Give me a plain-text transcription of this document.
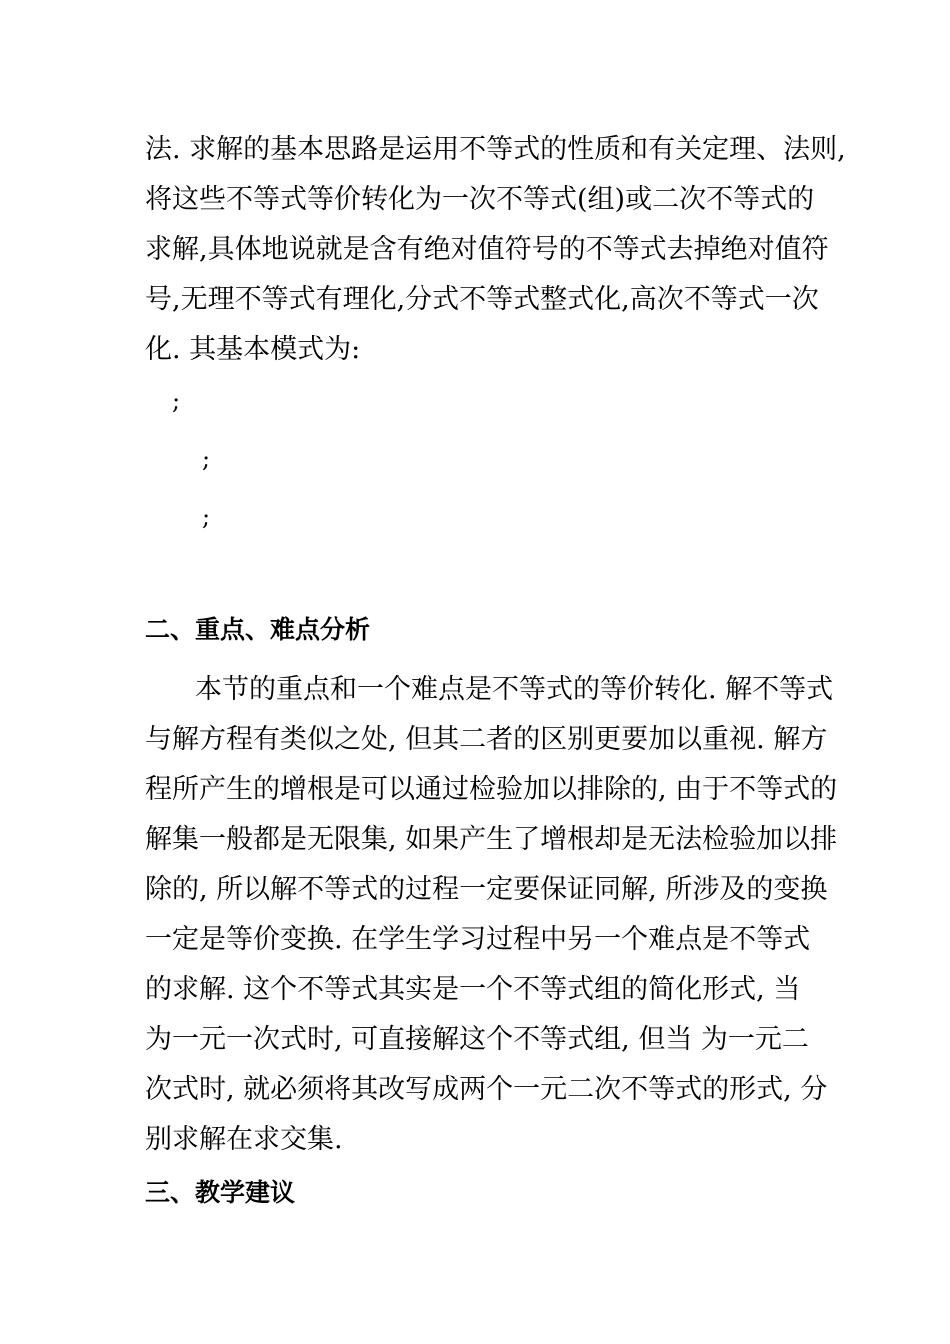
法. 求解的基本思路是运用不等式的性质和有关定理、法则,
将这些不等式等价转化为一次不等式(组)或二次不等式的
求解,具体地说就是含有绝对值符号的不等式去掉绝对值符
号,无理不等式有理化,分式不等式整式化,高次不等式一次
化. 其基本模式为:
;
;
;
二、重点、难点分析
本节的重点和一个难点是不等式的等价转化. 解不等式
与解方程有类似之处, 但其二者的区别更要加以重视. 解方
程所产生的增根是可以通过检验加以排除的, 由于不等式的
解集一般都是无限集, 如果产生了增根却是无法检验加以排
除的, 所以解不等式的过程一定要保证同解, 所涉及的变换
一定是等价变换. 在学生学习过程中另一个难点是不等式
的求解. 这个不等式其实是一个不等式组的简化形式, 当
为一元一次式时, 可直接解这个不等式组, 但当 为一元二
次式时, 就必须将其改写成两个一元二次不等式的形式, 分
别求解在求交集.
三、教学建议
